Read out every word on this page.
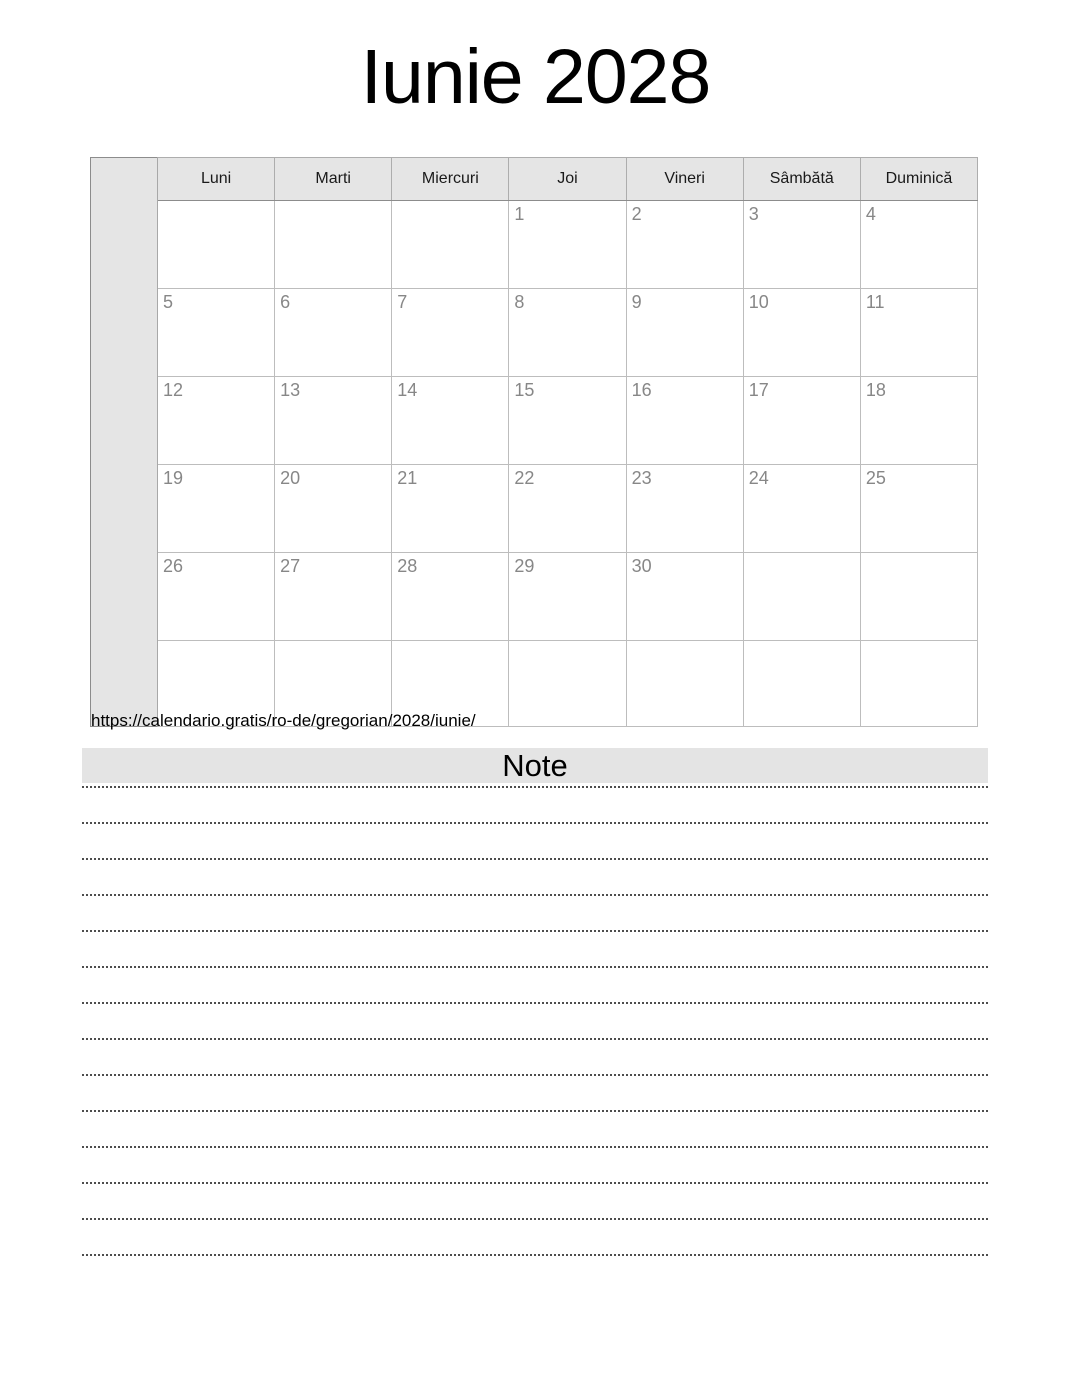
Iunie 2028
	Luni	Marti	Miercuri	Joi	Vineri	Sâmbătă	Duminică
				1	2	3	4
	5	6	7	8	9	10	11
	12	13	14	15	16	17	18
	19	20	21	22	23	24	25
	26	27	28	29	30		

https://calendario.gratis/ro-de/gregorian/2028/iunie/
Note
